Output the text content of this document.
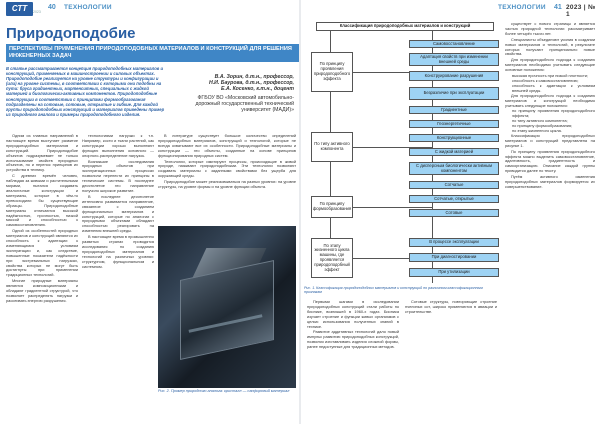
СТТ	2023
40 ТЕХНОЛОГИИ
Природоподобие
ПЕРСПЕКТИВЫ ПРИМЕНЕНИЯ ПРИРОДОПОДОБНЫХ МАТЕРИАЛОВ И КОНСТРУКЦИЙ ДЛЯ РЕШЕНИЯ ИНЖЕНЕРНЫХ ЗАДАЧ
В статье рассматривается концепция природоподобных материалов и конструкций, применяемых в машиностроении и силовых объектах. Природоподобие реализуется на уровне структуры и конфигурации и (или) на уровне системы, в соответствии с которыми они подобны на пути: бруса градиентных, мартенситных, специальных с жидкой материей и биологически-активных компонентов. Природоподобные конструкции в соответствии с принципами формообразования подразделены на сотовые, сотовые, открытые и гибкие. Для каждой группы природоподобных конструкций и материалов приведены пример из природного аналога и примеры природоподобного изделия.
В.А. Зорин, д.т.н., профессор,
Н.И. Баурова, д.т.н., профессор,
Е.А. Косенко, к.т.н., доцент
ФГБОУ ВО «Московский автомобильно-дорожный государственный технический университет (МАДИ)»

Одним из главных направлений в настоящее время выступает развитие природоподобных материалов и конструкций. Природоподобие объектов подразумевает не только использование свойств природных объектов, но и перенос принципов их устройства в технику.

С древних времён человек, наблюдая за живыми и растительными мирами, пытался создавать аналогичные конструкции и материалы, которые в чём-то превосходили бы существующие образцы. Природоподобные материалы отличаются высокой надёжностью, прочностью, низкой массой и способностью к самовосстановлению.

Одной из особенностей природных материалов и конструкций являются их способность к адаптации к изменяющимся условиям эксплуатации и, как следствие, повышенные показатели надёжности при экстремальных нагрузках, свойства которых не могут быть достигнуты при применении традиционных технологий.

Многие природные материалы являются композиционными и обладают градиентной структурой, что позволяет распределять нагрузки и рассеивать энергию разрушения.

технологиями нагрузки к т.п. Например, кости и ткани растений, как конструкции хорошо выполняют функцию выполнения основного — опорного-распределение нагрузок.

Возникшие исследования природных объектов при эксплуатационных процессах позволили перенести их принципы в технические системы. В последнее десятилетие это направление получило широкое развитие.

В последнее десятилетие интенсивно развивается направление, связанное с созданием функциональных материалов и конструкций, которые по аналогии с природными объектами обладают способностью реагировать на изменения внешней среды.

В настоящее время в промышленно развитых странах проводятся исследования по созданию природоподобных материалов и технологий на различных уровнях: структурном, функциональном и системном.

В литературе существует большое количество определений природоподобных материалов, конструкций и технологий, которые не всегда охватывают все их особенности. Природоподобные материалы и конструкции — это объекты, созданные на основе принципов функционирования природных систем.

Технологии, которые имитируют процессы, происходящие в живой природе, называют природоподобными. Эти технологии позволяют создавать материалы с заданными свойствами без ущерба для окружающей среды.

Природоподобие может реализовываться на разных уровнях: на уровне структуры, на уровне формы и на уровне функции объекта.

Рис. 2. Пример природного аналога: кристалл — сапфировый материал
ТЕХНОЛОГИИ 41 2023 | № 1
Классификация природоподобных материалов и конструкций
По принципу проявления природоподобного эффекта
По типу активного компонента
По принципу формообразования
По этапу жизненного цикла машины, где проявляется природоподобный эффект
Самовосстановление
Адаптация свойств при изменении внешней среды
Конструирование разрушения
Безразличие при эксплуатации
Градиентные
Геоэнергетичные
Конструкционные
С жидкой материей
С дисперсным биологически активным компонентом
Сотчатые
Сотчатые, открытые
Сотовые
В процессе эксплуатации
При диагностировании
При утилизации
Рис. 1. Классификация природоподобных материалов и конструкций по различным классификационным признакам

существует с нового страницы и является частью природной технологии рассматривает более четырёх тысяч лет.

Специалисты объединяют усилия в создании новых материалов и технологий, в результате которых получают принципиально новые свойства.

Для природоподобного подхода к созданию материалов необходимо учитывать следующие основные положения:

• высокая прочность при низкой плотности;
• способность к самовосстановлению;
• способность к адаптации к условиям внешней среды.

Для природоподобного подхода к созданию материалов и конструкций необходимо учитывать следующие положения:

• по принципу проявления природоподобного эффекта;
• по типу активного компонента;
• по принципу формообразования;
• по этапу жизненного цикла.

Классификация природоподобных материалов и конструкций представлена на рисунке 1.

По принципу проявления природоподобного эффекта можно выделить самовосстановление, адаптивность, градиентность и самоорганизацию. Описание каждой группы приводится далее по тексту.

Путём активного изменения природоподобных материалов формируется их совершенствование.

Первыми шагами в исследовании природоподобных конструкций стали работы по бионике, возникшей в 1960-х годах. Бионика изучает строение и функции живых организмов с целью использования полученных знаний в технике.

Развитие аддитивных технологий дало новый импульс развитию природоподобных конструкций, позволяя изготавливать изделия сложной формы, ранее недоступные для традиционных методов.

Сотовые структуры, повторяющие строение пчелиных сот, широко применяются в авиации и строительстве.
